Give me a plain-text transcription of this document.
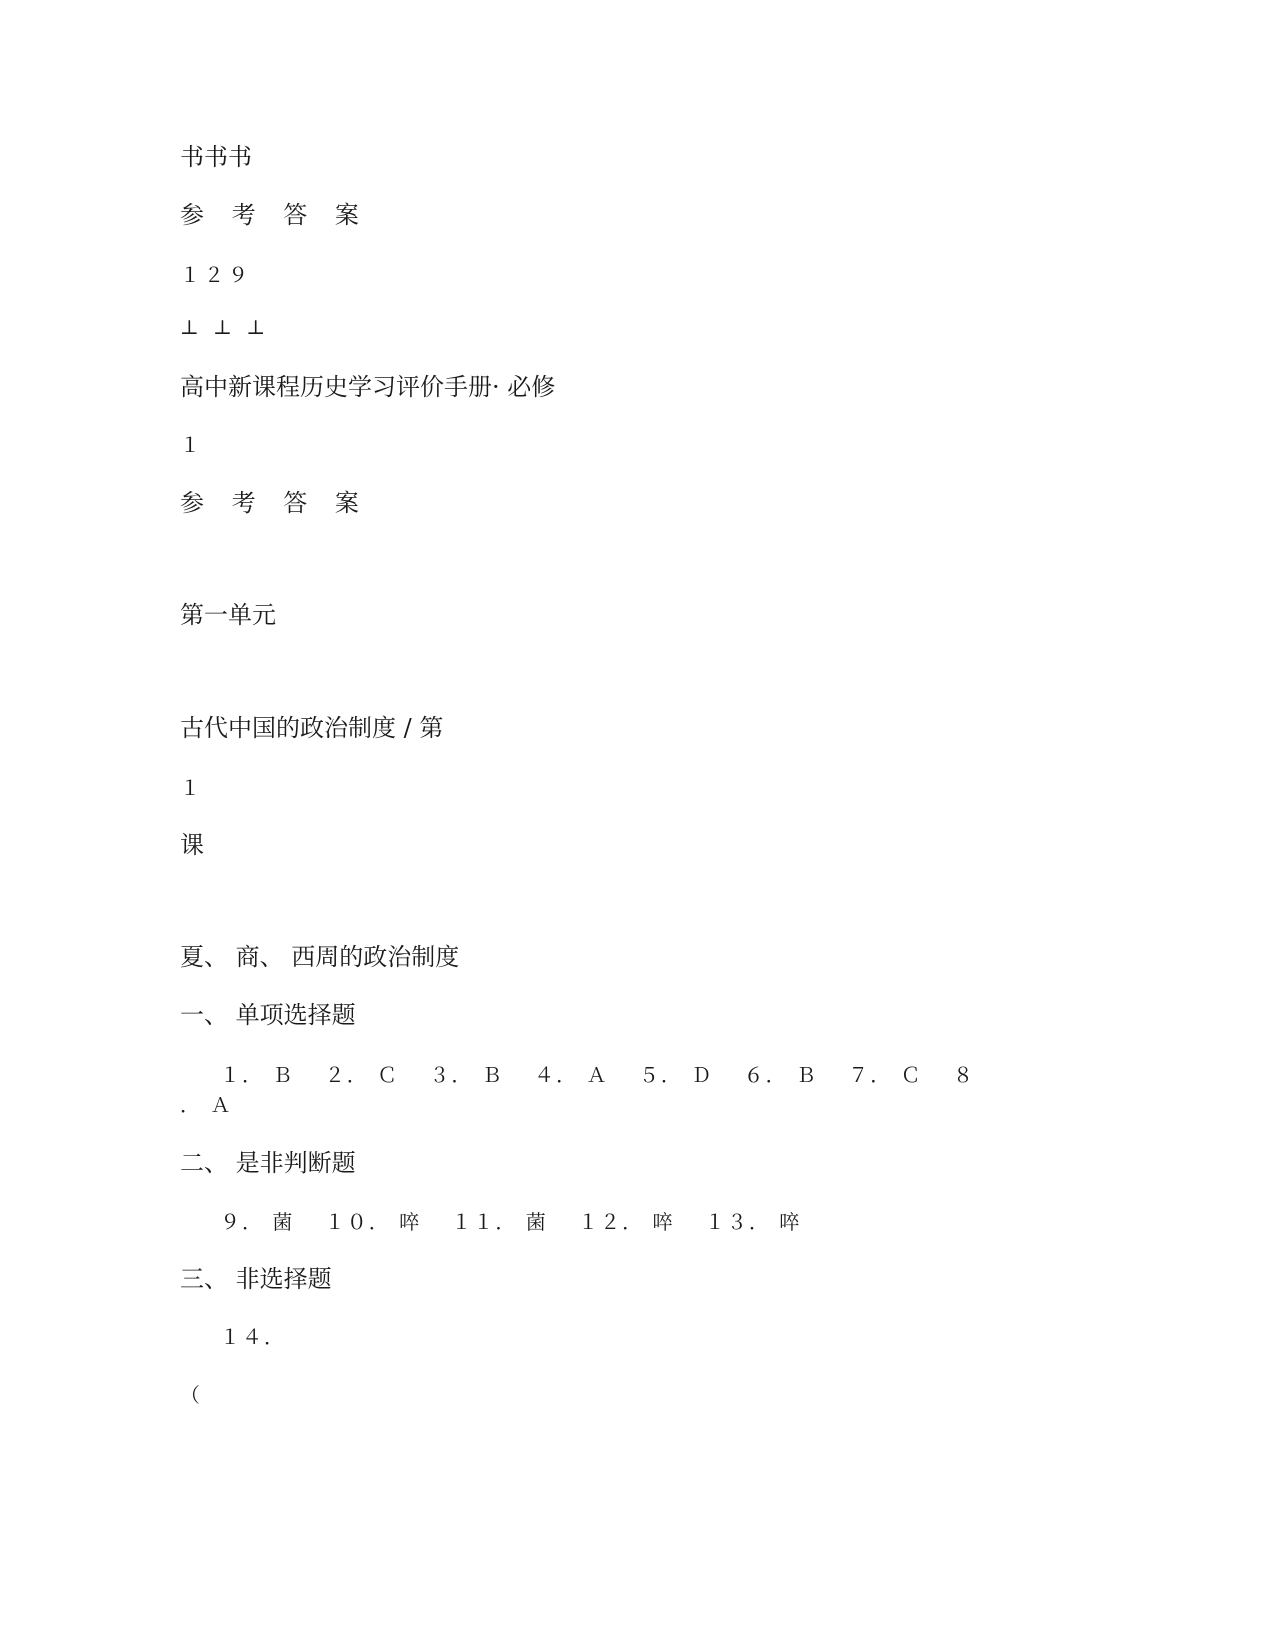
书书书
参 考 答 案
１２９
⊥ ⊥ ⊥
高中新课程历史学习评价手册· 必修
１
参 考 答 案
第一单元
古代中国的政治制度 / 第
１
课
夏、 商、 西周的政治制度
一、 单项选择题
１． Ｂ　 ２． Ｃ　 ３． Ｂ　 ４． Ａ　 ５． Ｄ　 ６． Ｂ　 ７． Ｃ　 ８
． Ａ
二、 是非判断题
９． 菌　 １０． 啐　 １１． 菌　 １２． 啐　 １３． 啐
三、 非选择题
１４．
（
